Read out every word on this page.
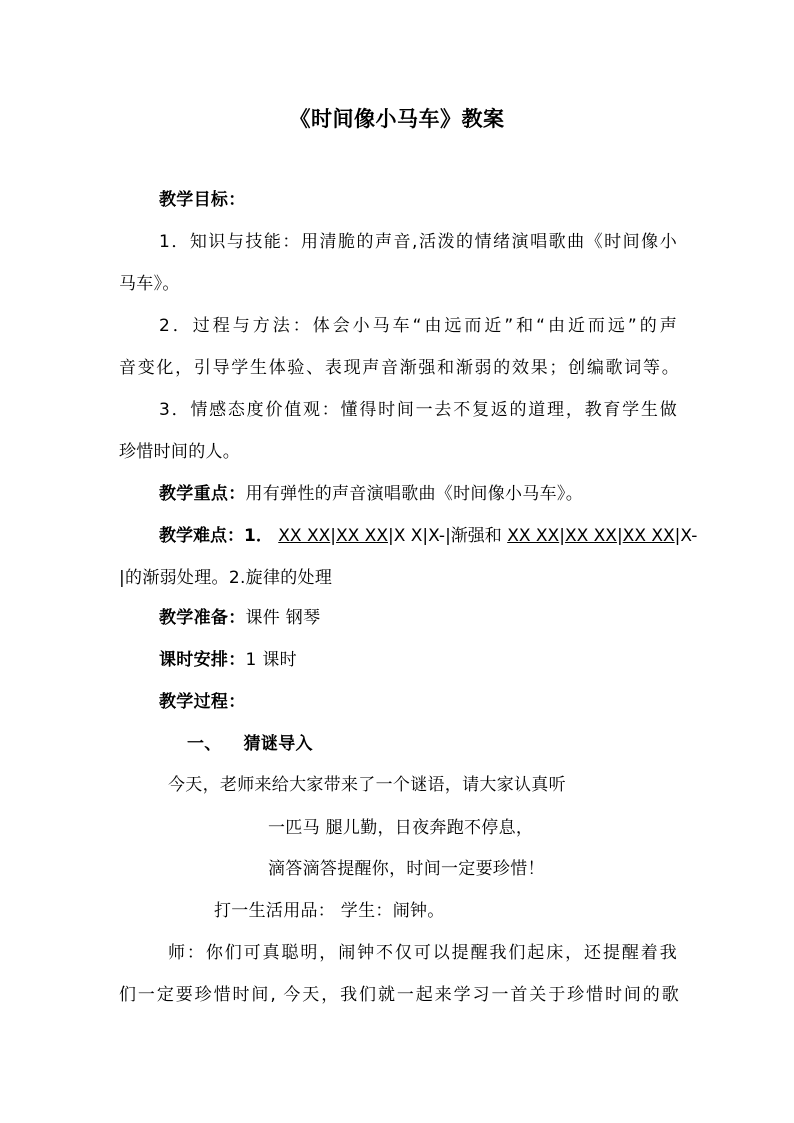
《时间像小马车》教案
教学目标：
1．知识与技能：用清脆的声音,活泼的情绪演唱歌曲《时间像小
马车》。
2．过程与方法：体会小马车“由远而近”和“由近而远”的声
音变化，引导学生体验、表现声音渐强和渐弱的效果；创编歌词等。
3．情感态度价值观：懂得时间一去不复返的道理，教育学生做
珍惜时间的人。
教学重点：用有弹性的声音演唱歌曲《时间像小马车》。
教学难点：1． XX XX|XX XX|X X|X-|渐强和 XX XX|XX XX|XX XX|X-
|的渐弱处理。2.旋律的处理
教学准备：课件 钢琴
课时安排：1 课时
教学过程：
一、 猜谜导入
今天，老师来给大家带来了一个谜语，请大家认真听
一匹马 腿儿勤，日夜奔跑不停息，
滴答滴答提醒你，时间一定要珍惜！
打一生活用品： 学生：闹钟。
师：你们可真聪明，闹钟不仅可以提醒我们起床，还提醒着我
们一定要珍惜时间, 今天，我们就一起来学习一首关于珍惜时间的歌
